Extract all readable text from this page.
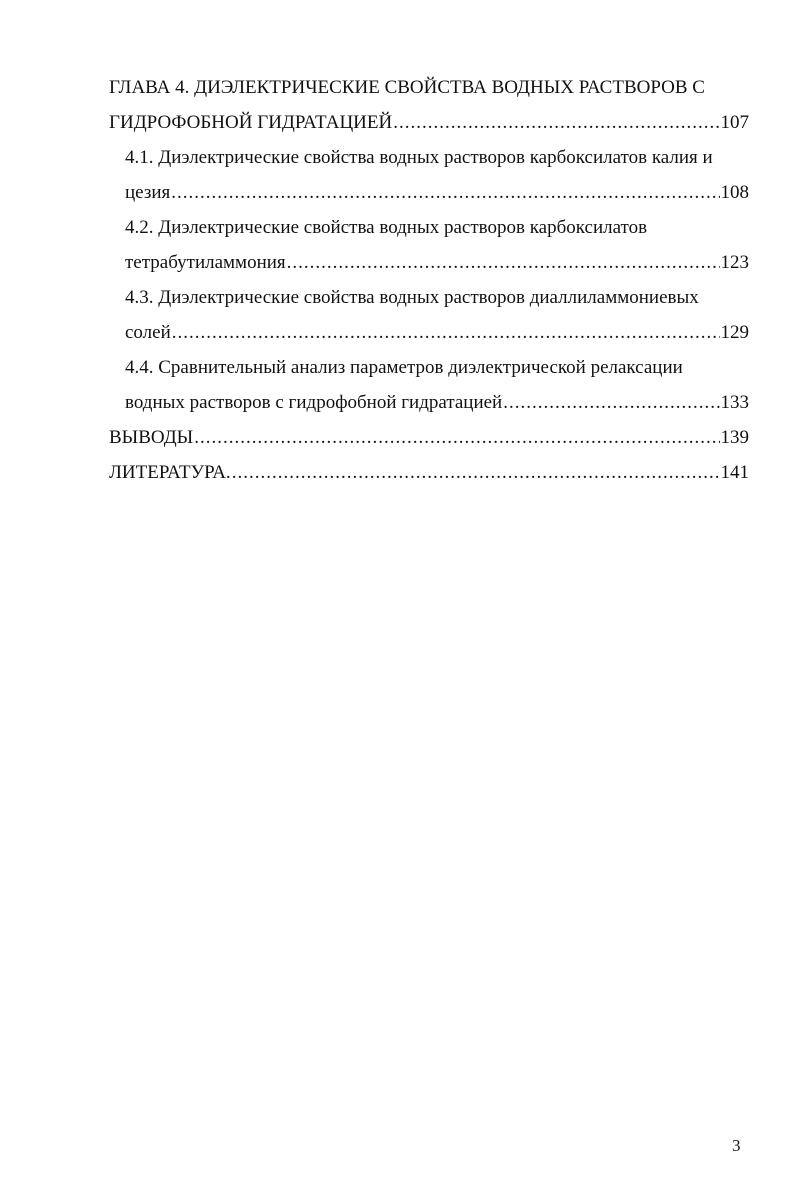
ГЛАВА 4. ДИЭЛЕКТРИЧЕСКИЕ СВОЙСТВА ВОДНЫХ РАСТВОРОВ С
ГИДРОФОБНОЙ ГИДРАТАЦИЕЙ .....	107
4.1. Диэлектрические свойства водных растворов карбоксилатов калия и
цезия .....	108
4.2. Диэлектрические свойства водных растворов карбоксилатов
тетрабутиламмония .....	123
4.3. Диэлектрические свойства водных растворов диаллиламмониевых
солей .....	129
4.4. Сравнительный анализ параметров диэлектрической релаксации
водных растворов с гидрофобной гидратацией .....	133
ВЫВОДЫ .....	139
ЛИТЕРАТУРА. .....	141
3
